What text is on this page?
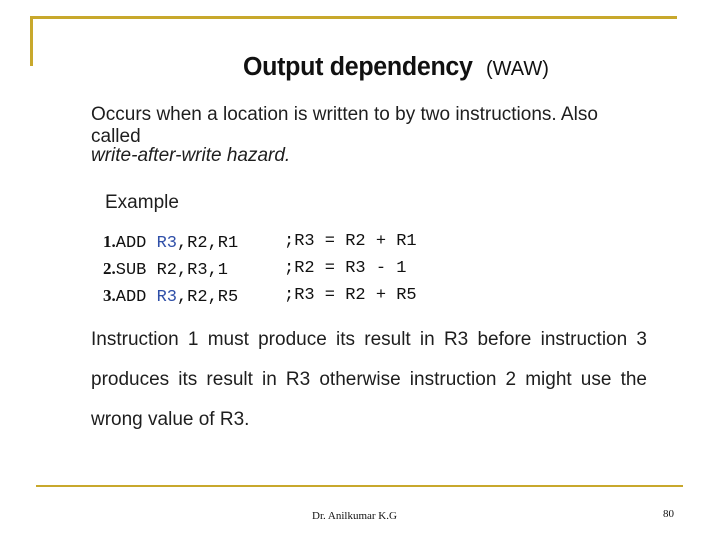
Output dependency (WAW)
Occurs when a location is written to by two instructions. Also called
write-after-write hazard.
Example
1.ADD R3,R2,R1	;R3 = R2 + R1
2.SUB R2,R3,1	;R2 = R3 - 1
3.ADD R3,R2,R5	;R3 = R2 + R5
Instruction 1 must produce its result in R3 before instruction 3
produces its result in R3 otherwise instruction 2 might use the
wrong value of R3.
Dr. Anilkumar K.G	80
